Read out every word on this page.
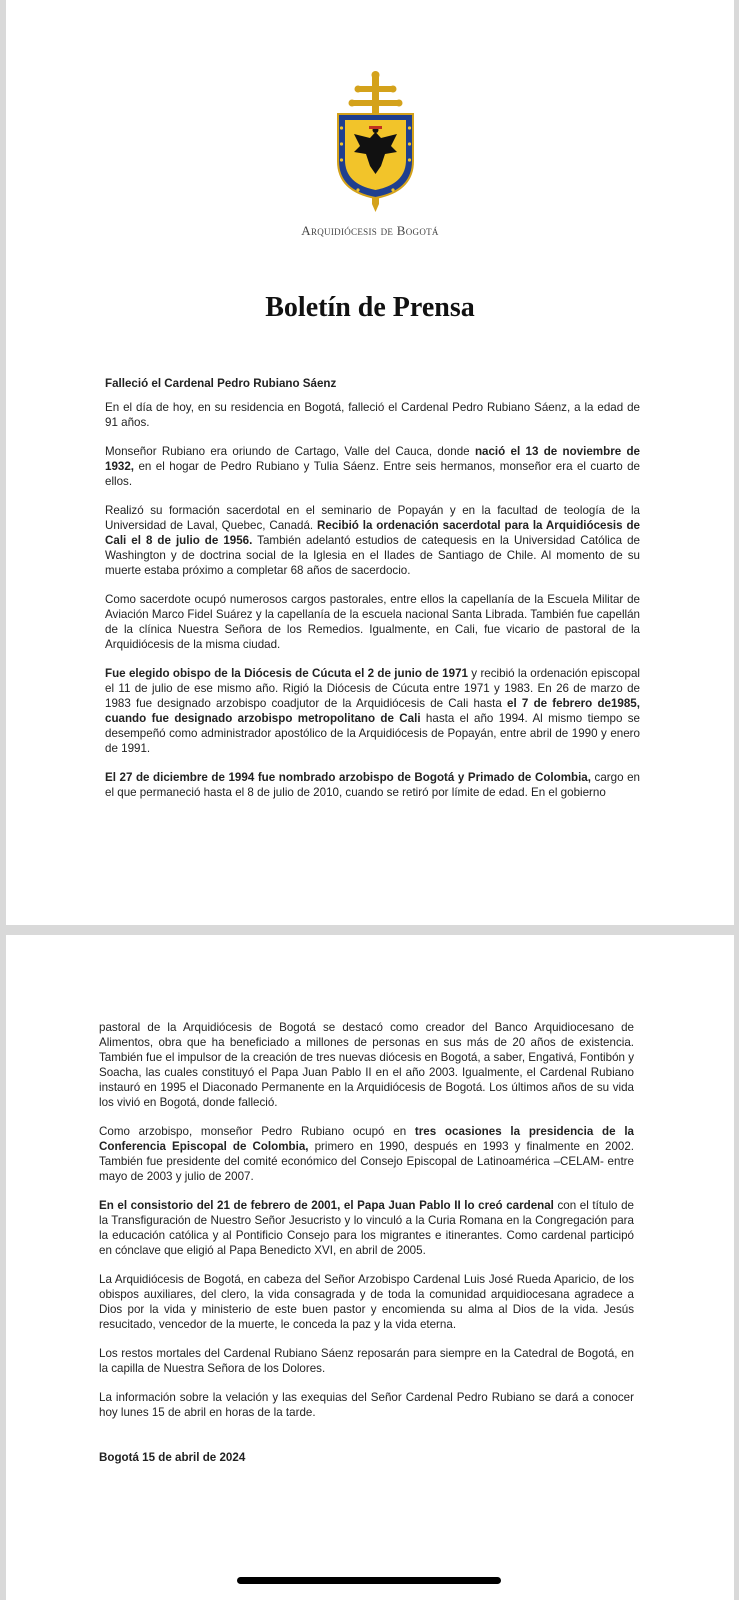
Arquidiócesis de Bogotá
Boletín de Prensa

Falleció el Cardenal Pedro Rubiano Sáenz

En el día de hoy, en su residencia en Bogotá, falleció el Cardenal Pedro Rubiano Sáenz, a la edad de 91 años.

Monseñor Rubiano era oriundo de Cartago, Valle del Cauca, donde nació el 13 de noviembre de 1932, en el hogar de Pedro Rubiano y Tulia Sáenz. Entre seis hermanos, monseñor era el cuarto de ellos.

Realizó su formación sacerdotal en el seminario de Popayán y en la facultad de teología de la Universidad de Laval, Quebec, Canadá. Recibió la ordenación sacerdotal para la Arquidiócesis de Cali el 8 de julio de 1956. También adelantó estudios de catequesis en la Universidad Católica de Washington y de doctrina social de la Iglesia en el Ilades de Santiago de Chile. Al momento de su muerte estaba próximo a completar 68 años de sacerdocio.

Como sacerdote ocupó numerosos cargos pastorales, entre ellos la capellanía de la Escuela Militar de Aviación Marco Fidel Suárez y la capellanía de la escuela nacional Santa Librada. También fue capellán de la clínica Nuestra Señora de los Remedios. Igualmente, en Cali, fue vicario de pastoral de la Arquidiócesis de la misma ciudad.

Fue elegido obispo de la Diócesis de Cúcuta el 2 de junio de 1971 y recibió la ordenación episcopal el 11 de julio de ese mismo año. Rigió la Diócesis de Cúcuta entre 1971 y 1983. En 26 de marzo de 1983 fue designado arzobispo coadjutor de la Arquidiócesis de Cali hasta el 7 de febrero de1985, cuando fue designado arzobispo metropolitano de Cali hasta el año 1994. Al mismo tiempo se desempeñó como administrador apostólico de la Arquidiócesis de Popayán, entre abril de 1990 y enero de 1991.

El 27 de diciembre de 1994 fue nombrado arzobispo de Bogotá y Primado de Colombia, cargo en el que permaneció hasta el 8 de julio de 2010, cuando se retiró por límite de edad. En el gobierno

pastoral de la Arquidiócesis de Bogotá se destacó como creador del Banco Arquidiocesano de Alimentos, obra que ha beneficiado a millones de personas en sus más de 20 años de existencia. También fue el impulsor de la creación de tres nuevas diócesis en Bogotá, a saber, Engativá, Fontibón y Soacha, las cuales constituyó el Papa Juan Pablo II en el año 2003. Igualmente, el Cardenal Rubiano instauró en 1995 el Diaconado Permanente en la Arquidiócesis de Bogotá. Los últimos años de su vida los vivió en Bogotá, donde falleció.

Como arzobispo, monseñor Pedro Rubiano ocupó en tres ocasiones la presidencia de la Conferencia Episcopal de Colombia, primero en 1990, después en 1993 y finalmente en 2002. También fue presidente del comité económico del Consejo Episcopal de Latinoamérica –CELAM- entre mayo de 2003 y julio de 2007.

En el consistorio del 21 de febrero de 2001, el Papa Juan Pablo II lo creó cardenal con el título de la Transfiguración de Nuestro Señor Jesucristo y lo vinculó a la Curia Romana en la Congregación para la educación católica y al Pontificio Consejo para los migrantes e itinerantes. Como cardenal participó en cónclave que eligió al Papa Benedicto XVI, en abril de 2005.

La Arquidiócesis de Bogotá, en cabeza del Señor Arzobispo Cardenal Luis José Rueda Aparicio, de los obispos auxiliares, del clero, la vida consagrada y de toda la comunidad arquidiocesana agradece a Dios por la vida y ministerio de este buen pastor y encomienda su alma al Dios de la vida. Jesús resucitado, vencedor de la muerte, le conceda la paz y la vida eterna.

Los restos mortales del Cardenal Rubiano Sáenz reposarán para siempre en la Catedral de Bogotá, en la capilla de Nuestra Señora de los Dolores.

La información sobre la velación y las exequias del Señor Cardenal Pedro Rubiano se dará a conocer hoy lunes 15 de abril en horas de la tarde.

Bogotá 15 de abril de 2024
